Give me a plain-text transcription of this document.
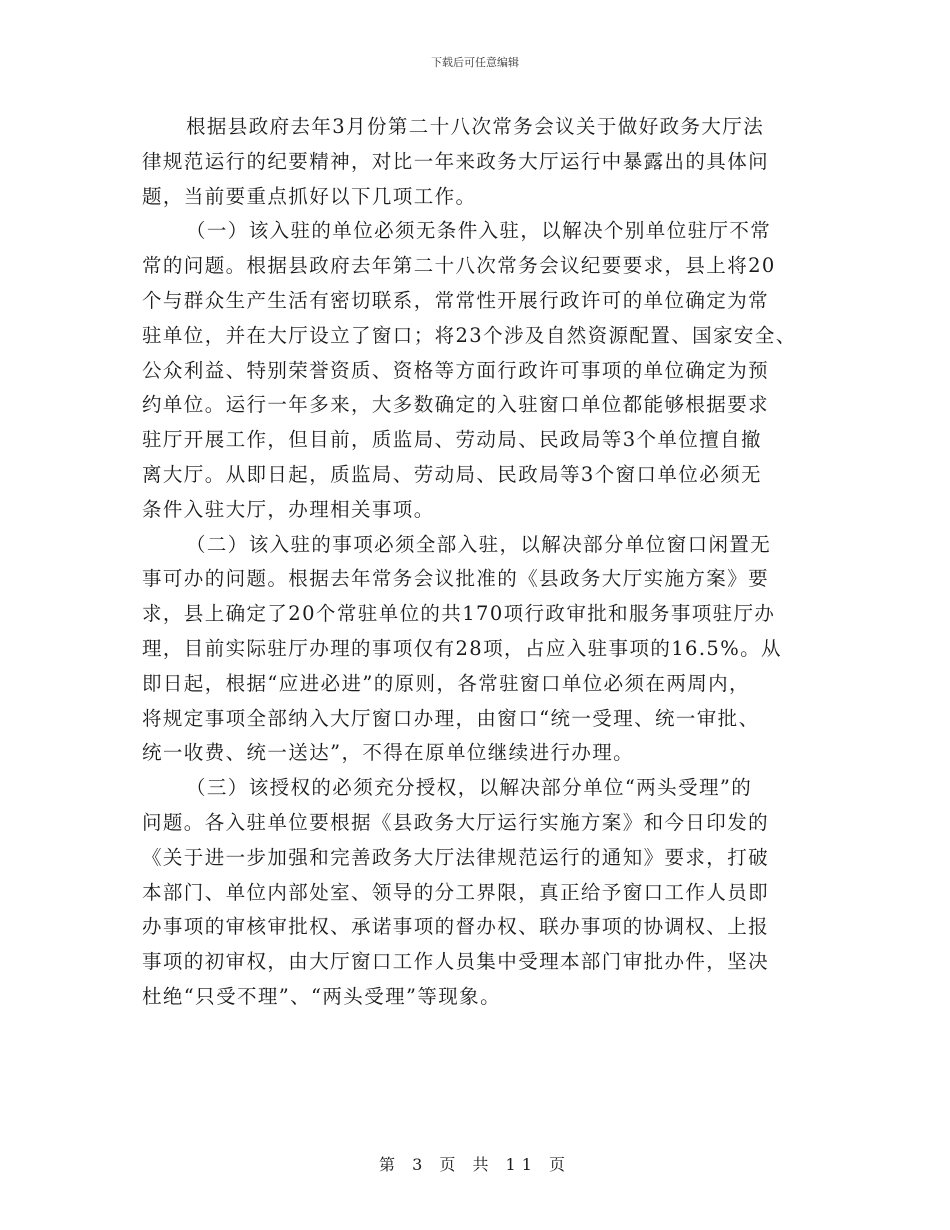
下载后可任意编辑
根据县政府去年3月份第二十八次常务会议关于做好政务大厅法
律规范运行的纪要精神，对比一年来政务大厅运行中暴露出的具体问
题，当前要重点抓好以下几项工作。
（一）该入驻的单位必须无条件入驻，以解决个别单位驻厅不常
常的问题。根据县政府去年第二十八次常务会议纪要要求，县上将20
个与群众生产生活有密切联系，常常性开展行政许可的单位确定为常
驻单位，并在大厅设立了窗口；将23个涉及自然资源配置、国家安全、
公众利益、特别荣誉资质、资格等方面行政许可事项的单位确定为预
约单位。运行一年多来，大多数确定的入驻窗口单位都能够根据要求
驻厅开展工作，但目前，质监局、劳动局、民政局等3个单位擅自撤
离大厅。从即日起，质监局、劳动局、民政局等3个窗口单位必须无
条件入驻大厅，办理相关事项。
（二）该入驻的事项必须全部入驻，以解决部分单位窗口闲置无
事可办的问题。根据去年常务会议批准的《县政务大厅实施方案》要
求，县上确定了20个常驻单位的共170项行政审批和服务事项驻厅办
理，目前实际驻厅办理的事项仅有28项，占应入驻事项的16.5%。从
即日起，根据“应进必进”的原则，各常驻窗口单位必须在两周内，
将规定事项全部纳入大厅窗口办理，由窗口“统一受理、统一审批、
统一收费、统一送达”，不得在原单位继续进行办理。
（三）该授权的必须充分授权，以解决部分单位“两头受理”的
问题。各入驻单位要根据《县政务大厅运行实施方案》和今日印发的
《关于进一步加强和完善政务大厅法律规范运行的通知》要求，打破
本部门、单位内部处室、领导的分工界限，真正给予窗口工作人员即
办事项的审核审批权、承诺事项的督办权、联办事项的协调权、上报
事项的初审权，由大厅窗口工作人员集中受理本部门审批办件，坚决
杜绝“只受不理”、“两头受理”等现象。
第 3 页 共 11 页
